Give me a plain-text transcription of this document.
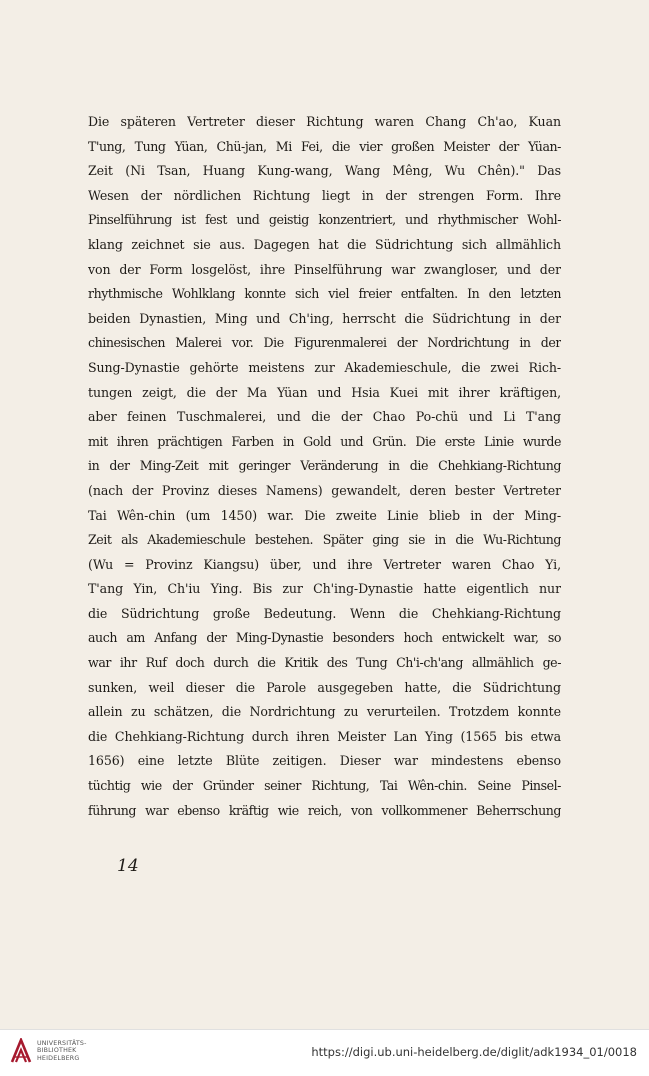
Die späteren Vertreter dieser Richtung waren Chang Ch'ao, Kuan
T'ung, Tung Yüan, Chü-jan, Mi Fei, die vier großen Meister der Yüan-
Zeit (Ni Tsan, Huang Kung-wang, Wang Mêng, Wu Chên)." Das
Wesen der nördlichen Richtung liegt in der strengen Form. Ihre
Pinselführung ist fest und geistig konzentriert, und rhythmischer Wohl-
klang zeichnet sie aus. Dagegen hat die Südrichtung sich allmählich
von der Form losgelöst, ihre Pinselführung war zwangloser, und der
rhythmische Wohlklang konnte sich viel freier entfalten. In den letzten
beiden Dynastien, Ming und Ch'ing, herrscht die Südrichtung in der
chinesischen Malerei vor. Die Figurenmalerei der Nordrichtung in der
Sung-Dynastie gehörte meistens zur Akademieschule, die zwei Rich-
tungen zeigt, die der Ma Yüan und Hsia Kuei mit ihrer kräftigen,
aber feinen Tuschmalerei, und die der Chao Po-chü und Li T'ang
mit ihren prächtigen Farben in Gold und Grün. Die erste Linie wurde
in der Ming-Zeit mit geringer Veränderung in die Chehkiang-Richtung
(nach der Provinz dieses Namens) gewandelt, deren bester Vertreter
Tai Wên-chin (um 1450) war. Die zweite Linie blieb in der Ming-
Zeit als Akademieschule bestehen. Später ging sie in die Wu-Richtung
(Wu = Provinz Kiangsu) über, und ihre Vertreter waren Chao Yi,
T'ang Yin, Ch'iu Ying. Bis zur Ch'ing-Dynastie hatte eigentlich nur
die Südrichtung große Bedeutung. Wenn die Chehkiang-Richtung
auch am Anfang der Ming-Dynastie besonders hoch entwickelt war, so
war ihr Ruf doch durch die Kritik des Tung Ch'i-ch'ang allmählich ge-
sunken, weil dieser die Parole ausgegeben hatte, die Südrichtung
allein zu schätzen, die Nordrichtung zu verurteilen. Trotzdem konnte
die Chehkiang-Richtung durch ihren Meister Lan Ying (1565 bis etwa
1656) eine letzte Blüte zeitigen. Dieser war mindestens ebenso
tüchtig wie der Gründer seiner Richtung, Tai Wên-chin. Seine Pinsel-
führung war ebenso kräftig wie reich, von vollkommener Beherrschung
14
UNIVERSITÄTS-
BIBLIOTHEK
HEIDELBERG	https://digi.ub.uni-heidelberg.de/diglit/adk1934_01/0018
